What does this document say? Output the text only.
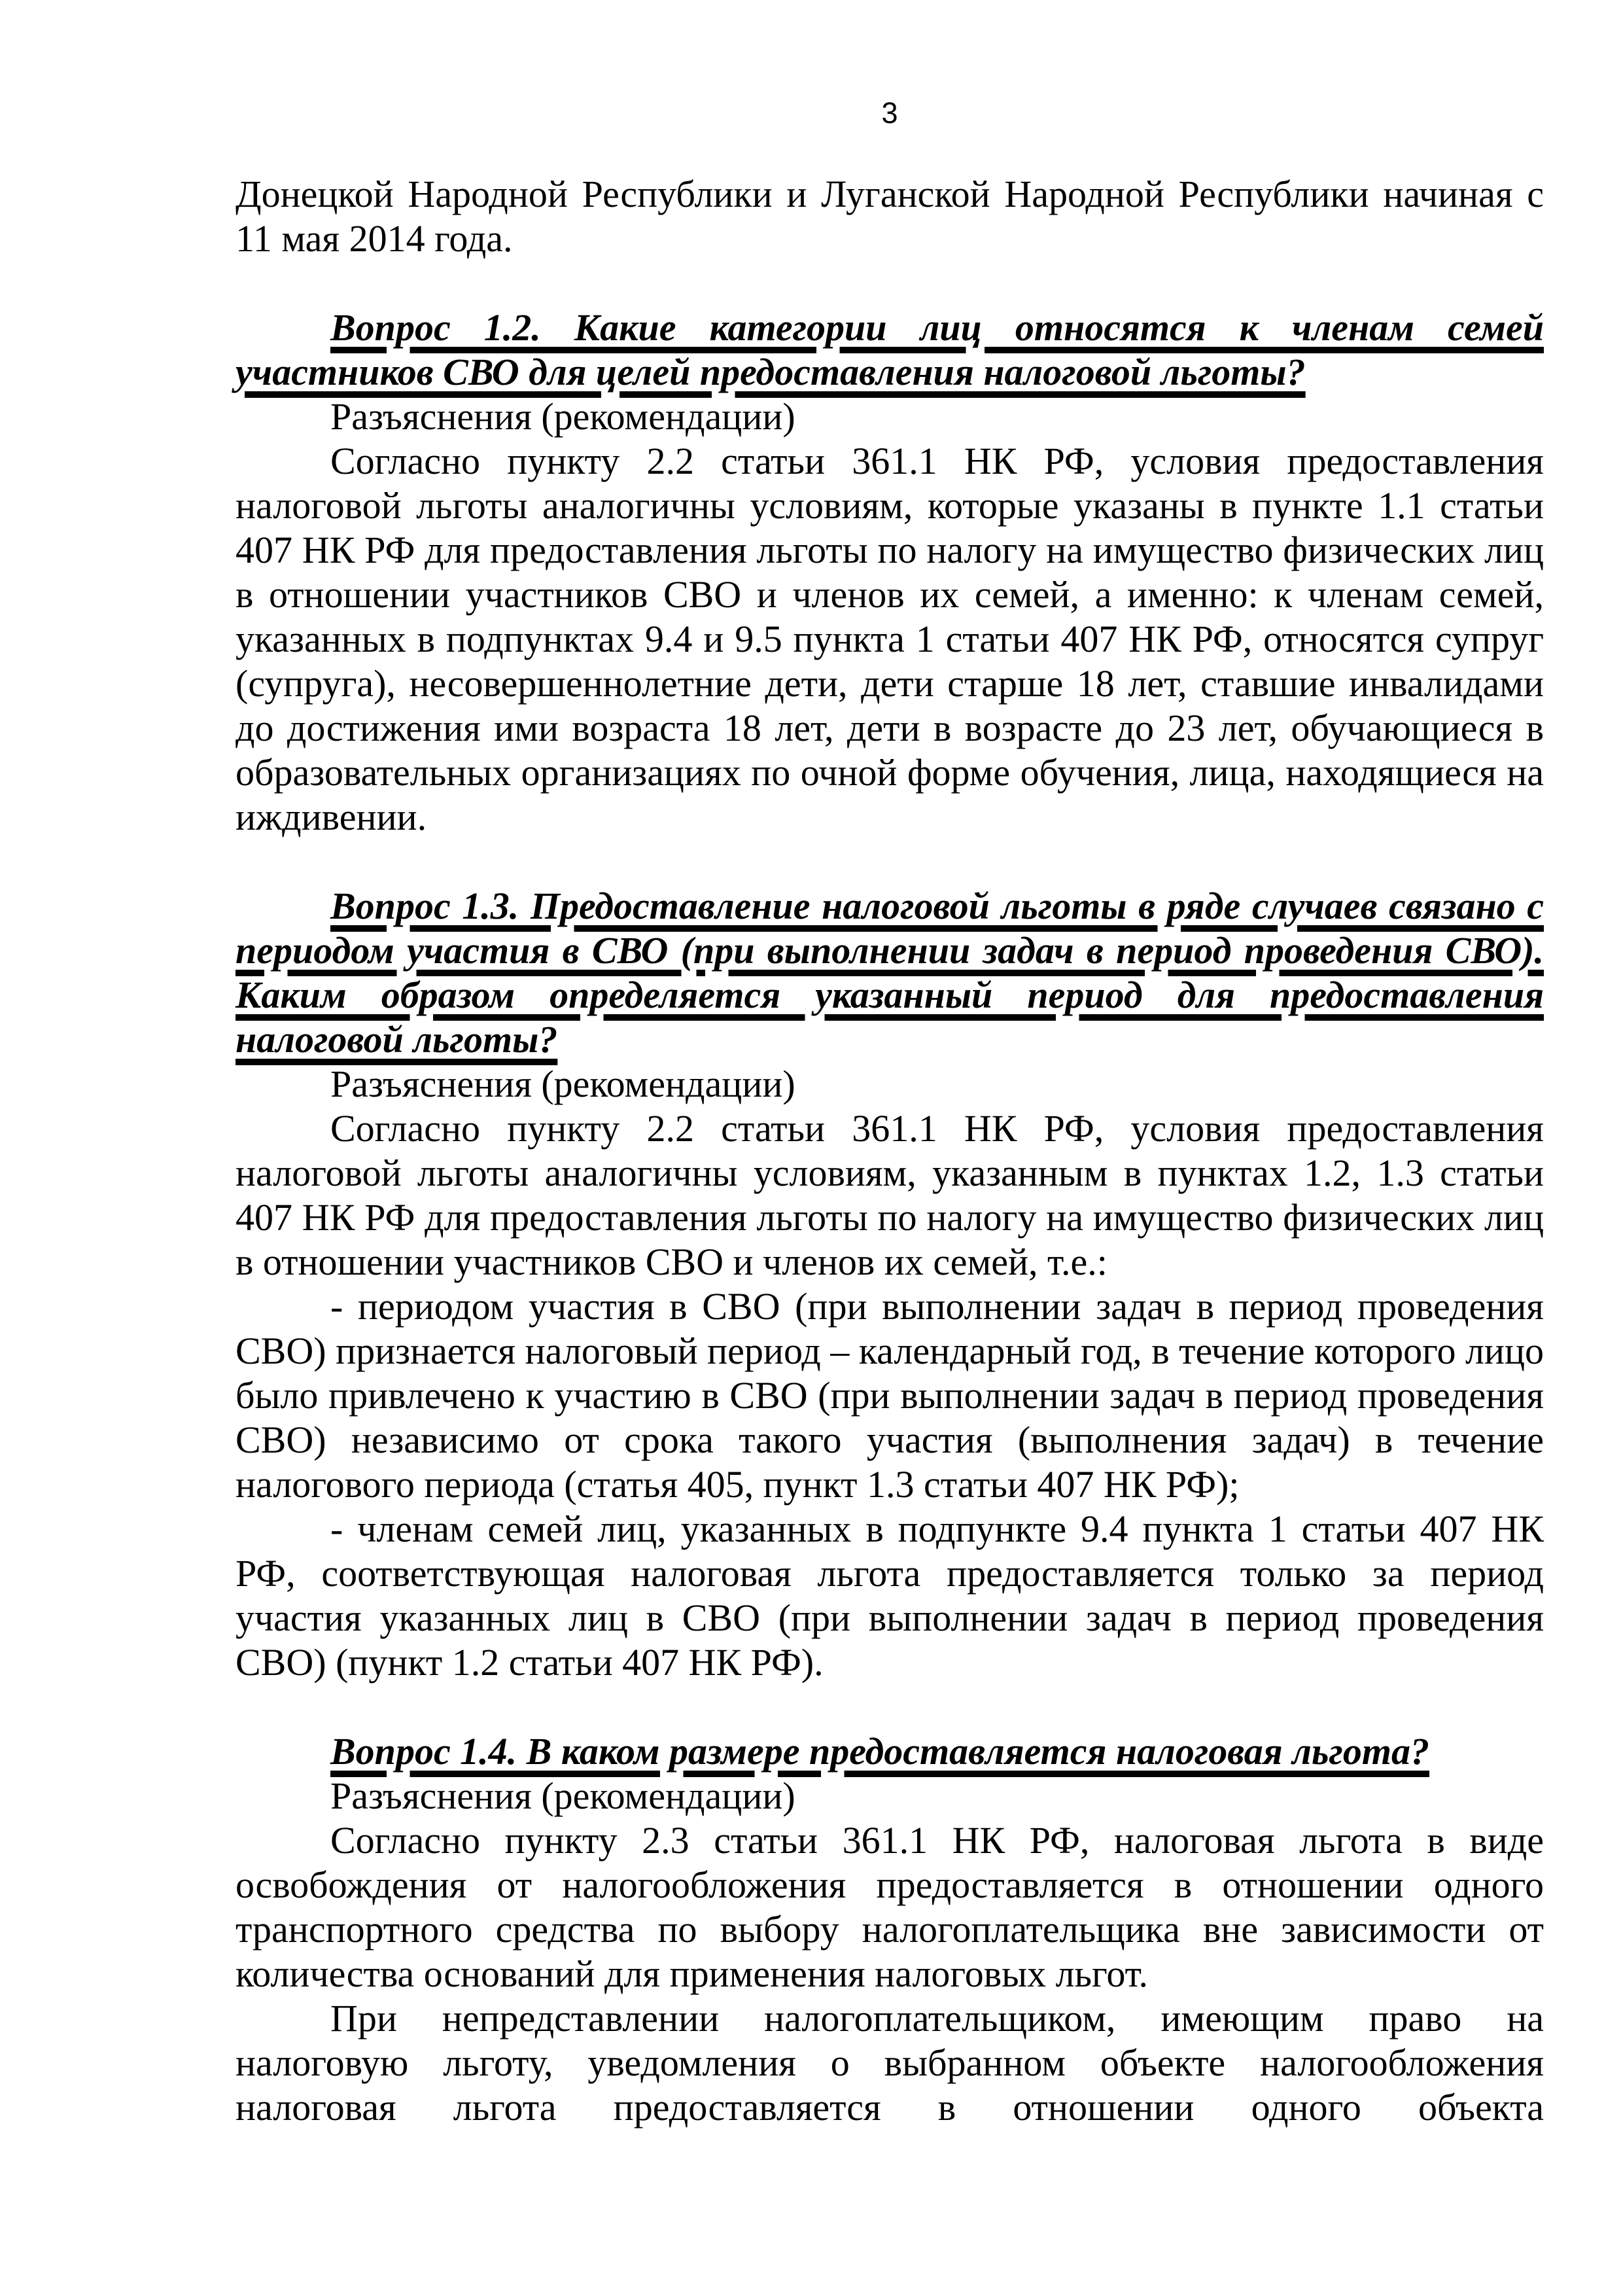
3

Донецкой Народной Республики и Луганской Народной Республики начиная с 11 мая 2014 года.

Вопрос 1.2. Какие категории лиц относятся к членам семей участников СВО для целей предоставления налоговой льготы?

Разъяснения (рекомендации)

Согласно пункту 2.2 статьи 361.1 НК РФ, условия предоставления налоговой льготы аналогичны условиям, которые указаны в пункте 1.1 статьи 407 НК РФ для предоставления льготы по налогу на имущество физических лиц в отношении участников СВО и членов их семей, а именно: к членам семей, указанных в подпунктах 9.4 и 9.5 пункта 1 статьи 407 НК РФ, относятся супруг (супруга), несовершеннолетние дети, дети старше 18 лет, ставшие инвалидами до достижения ими возраста 18 лет, дети в возрасте до 23 лет, обучающиеся в образовательных организациях по очной форме обучения, лица, находящиеся на иждивении.

Вопрос 1.3. Предоставление налоговой льготы в ряде случаев связано с периодом участия в СВО (при выполнении задач в период проведения СВО). Каким образом определяется указанный период для предоставления налоговой льготы?

Разъяснения (рекомендации)

Согласно пункту 2.2 статьи 361.1 НК РФ, условия предоставления налоговой льготы аналогичны условиям, указанным в пунктах 1.2, 1.3 статьи 407 НК РФ для предоставления льготы по налогу на имущество физических лиц в отношении участников СВО и членов их семей, т.е.:

- периодом участия в СВО (при выполнении задач в период проведения СВО) признается налоговый период – календарный год, в течение которого лицо было привлечено к участию в СВО (при выполнении задач в период проведения СВО) независимо от срока такого участия (выполнения задач) в течение налогового периода (статья 405, пункт 1.3 статьи 407 НК РФ);

- членам семей лиц, указанных в подпункте 9.4 пункта 1 статьи 407 НК РФ, соответствующая налоговая льгота предоставляется только за период участия указанных лиц в СВО (при выполнении задач в период проведения СВО) (пункт 1.2 статьи 407 НК РФ).

Вопрос 1.4. В каком размере предоставляется налоговая льгота?

Разъяснения (рекомендации)

Согласно пункту 2.3 статьи 361.1 НК РФ, налоговая льгота в виде освобождения от налогообложения предоставляется в отношении одного транспортного средства по выбору налогоплательщика вне зависимости от количества оснований для применения налоговых льгот.

При непредставлении налогоплательщиком, имеющим право на налоговую льготу, уведомления о выбранном объекте налогообложения налоговая льгота предоставляется в отношении одного объекта
